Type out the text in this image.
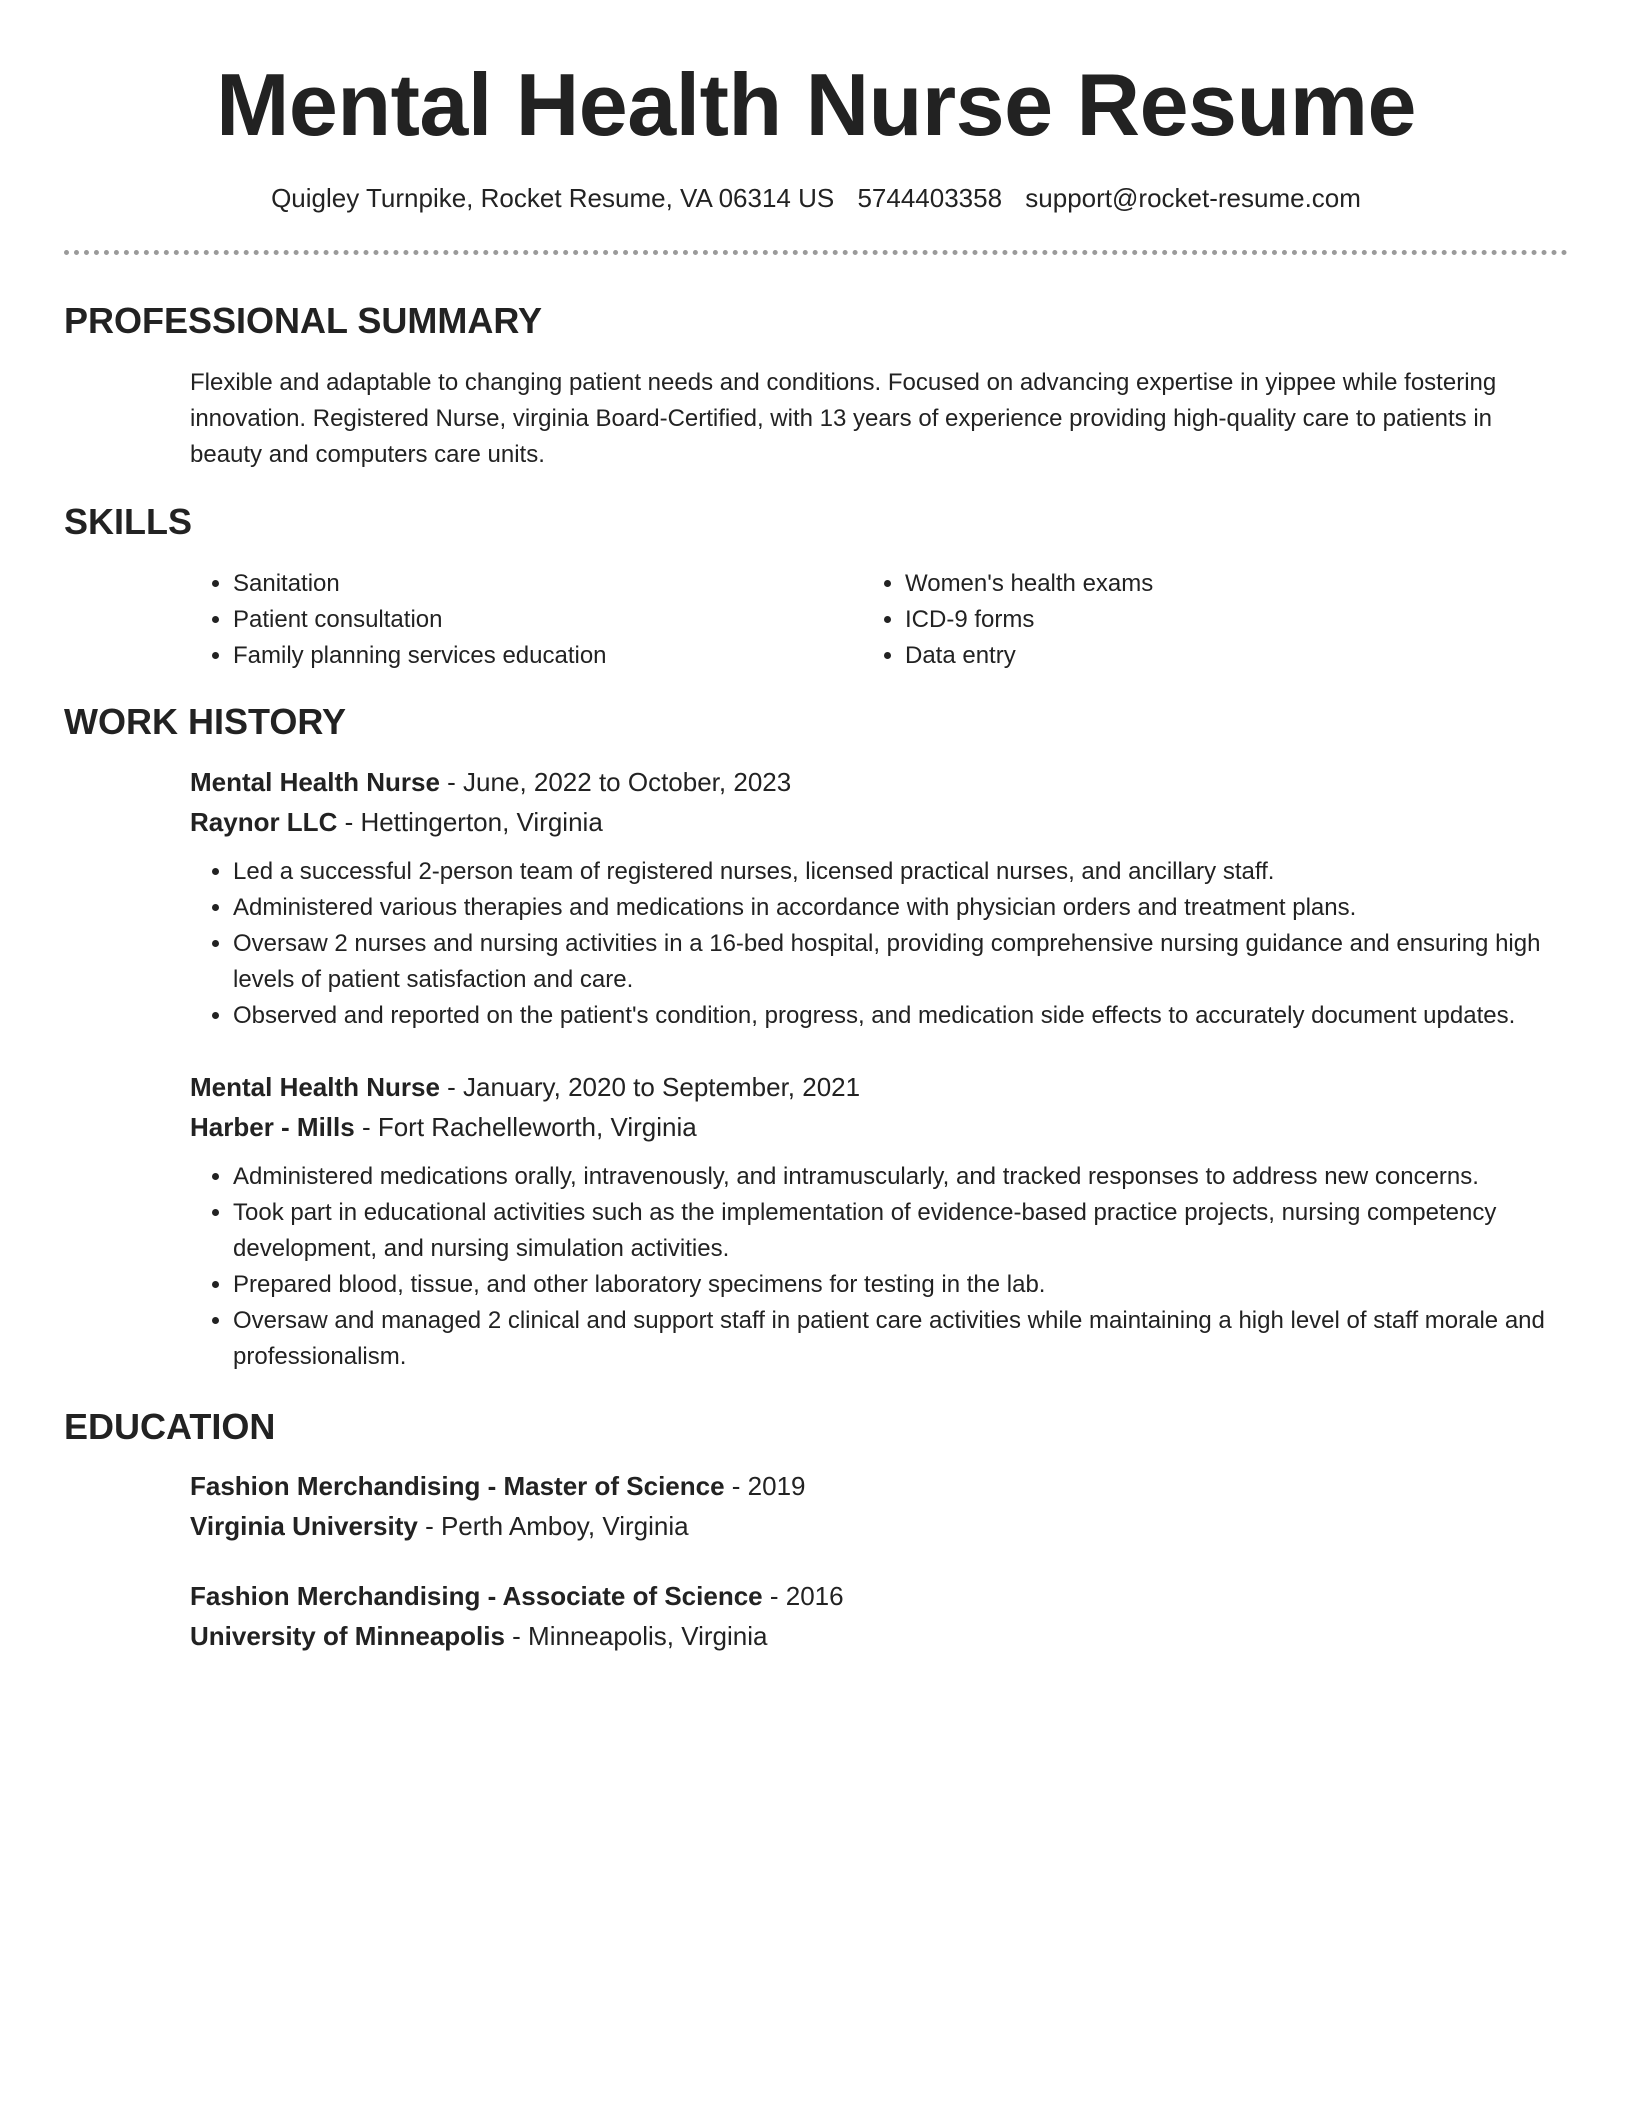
Mental Health Nurse Resume
Quigley Turnpike, Rocket Resume, VA 06314 US 5744403358 support@rocket-resume.com
PROFESSIONAL SUMMARY
Flexible and adaptable to changing patient needs and conditions. Focused on advancing expertise in yippee while fostering innovation. Registered Nurse, virginia Board-Certified, with 13 years of experience providing high-quality care to patients in beauty and computers care units.
SKILLS
• Sanitation
• Patient consultation
• Family planning services education
• Women's health exams
• ICD-9 forms
• Data entry
WORK HISTORY
Mental Health Nurse - June, 2022 to October, 2023
Raynor LLC - Hettingerton, Virginia
• Led a successful 2-person team of registered nurses, licensed practical nurses, and ancillary staff.
• Administered various therapies and medications in accordance with physician orders and treatment plans.
• Oversaw 2 nurses and nursing activities in a 16-bed hospital, providing comprehensive nursing guidance and ensuring high levels of patient satisfaction and care.
• Observed and reported on the patient's condition, progress, and medication side effects to accurately document updates.
Mental Health Nurse - January, 2020 to September, 2021
Harber - Mills - Fort Rachelleworth, Virginia
• Administered medications orally, intravenously, and intramuscularly, and tracked responses to address new concerns.
• Took part in educational activities such as the implementation of evidence-based practice projects, nursing competency development, and nursing simulation activities.
• Prepared blood, tissue, and other laboratory specimens for testing in the lab.
• Oversaw and managed 2 clinical and support staff in patient care activities while maintaining a high level of staff morale and professionalism.
EDUCATION
Fashion Merchandising - Master of Science - 2019
Virginia University - Perth Amboy, Virginia
Fashion Merchandising - Associate of Science - 2016
University of Minneapolis - Minneapolis, Virginia
